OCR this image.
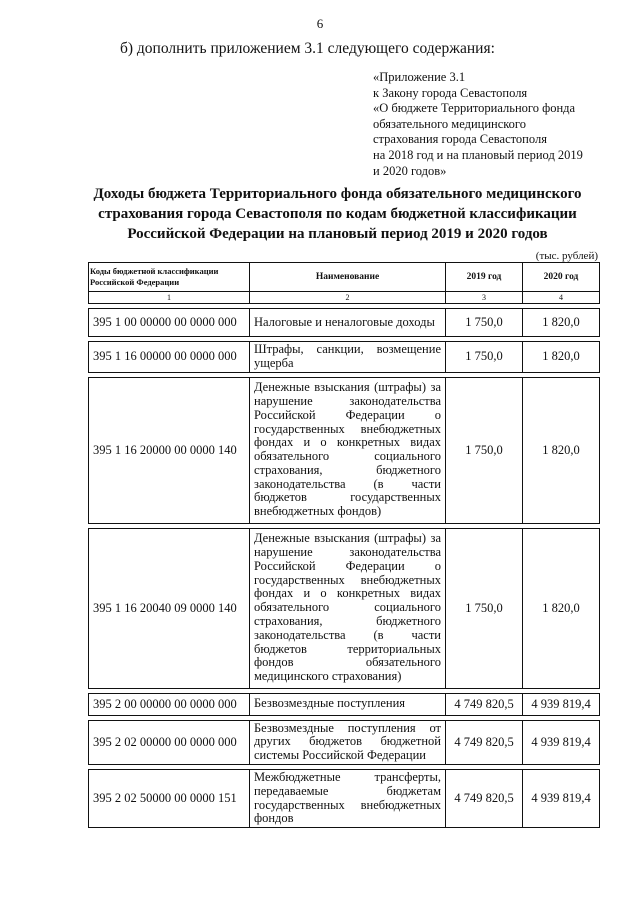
6
б) дополнить приложением 3.1 следующего содержания:
«Приложение 3.1
к Закону города Севастополя
«О бюджете Территориального фонда
обязательного медицинского
страхования города Севастополя
на 2018 год и на плановый период 2019
и 2020 годов»
Доходы бюджета Территориального фонда обязательного медицинского
страхования города Севастополя по кодам бюджетной классификации
Российской Федерации на плановый период 2019 и 2020 годов
(тыс. рублей)
Коды бюджетной классификации Российской Федерации	Наименование	2019 год	2020 год
1	2	3	4

395 1 00 00000 00 0000 000	Налоговые и неналоговые доходы	1 750,0	1 820,0

395 1 16 00000 00 0000 000	Штрафы, санкции, возмещение ущерба	1 750,0	1 820,0

395 1 16 20000 00 0000 140	Денежные взыскания (штрафы) за нарушение законодательства Российской Федерации о государственных внебюджетных фондах и о конкретных видах обязательного социального страхования, бюджетного законодательства (в части бюджетов государственных внебюджетных фондов)	1 750,0	1 820,0

395 1 16 20040 09 0000 140	Денежные взыскания (штрафы) за нарушение законодательства Российской Федерации о государственных внебюджетных фондах и о конкретных видах обязательного социального страхования, бюджетного законодательства (в части бюджетов территориальных фондов обязательного медицинского страхования)	1 750,0	1 820,0

395 2 00 00000 00 0000 000	Безвозмездные поступления	4 749 820,5	4 939 819,4

395 2 02 00000 00 0000 000	Безвозмездные поступления от других бюджетов бюджетной системы Российской Федерации	4 749 820,5	4 939 819,4

395 2 02 50000 00 0000 151	Межбюджетные трансферты, передаваемые бюджетам государственных внебюджетных фондов	4 749 820,5	4 939 819,4
